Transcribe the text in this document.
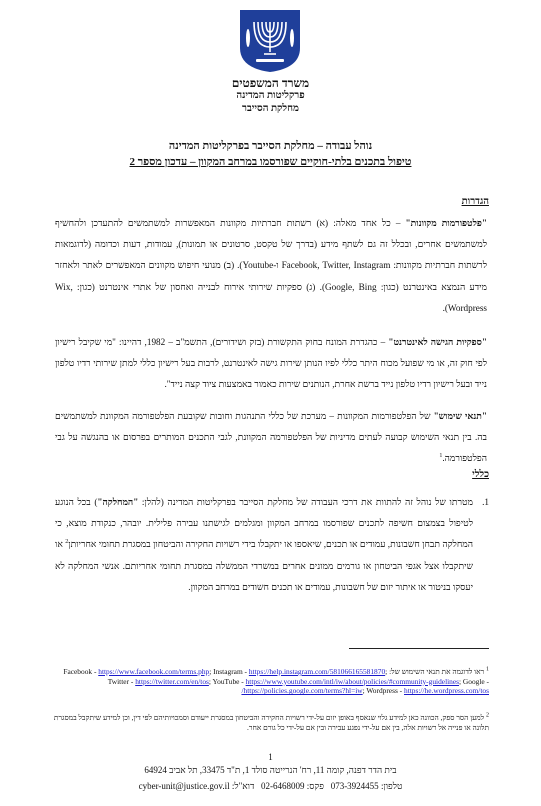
משרד המשפטים
פרקליטות המדינה
מחלקת הסייבר
נוהל עבודה – מחלקת הסייבר בפרקליטות המדינה
טיפול בתכנים בלתי-חוקיים שפורסמו במרחב המקוון – עדכון מספר 2
הגדרות
"פלטפורמות מקוונות" – כל אחד מאלה: (א) רשתות חברתיות מקוונות המאפשרות למשתמשים להתעדכן ולהחשיף למשתמשים אחרים, ובכלל זה גם לשתף מידע (בדרך של טקסט, סרטונים או תמונות), עמודות, דעות וכדומה (לדוגמאות לרשתות חברתיות מקוונות: Facebook, Twitter, Instagram ו-Youtube). (ב) מנועי חיפוש מקוונים המאפשרים לאתר ולאחזר מידע הנמצא באינטרנט (כגון: Google, Bing). (ג) ספקיות שירותי אירוח לבנייה ואחסון של אתרי אינטרנט (כגון: Wix, Wordpress).
"ספקיות הגישה לאינטרנט" – כהגדרת המונח בחוק התקשורת (בזק ושידורים), התשמ"ב – 1982, דהיינו: "מי שקיבל רישיון לפי חוק זה, או מי שפועל מכוח היתר כללי לפיו הנותן שירות גישה לאינטרנט, לרבות בעל רישיון כללי למתן שירותי רדיו טלפון נייד ובעל רישיון רדיו טלפון נייד ברשת אחרת, הנותנים שירות כאמור באמצעות ציוד קצה נייד".
"תנאי שימוש" של הפלטפורמות המקוונות – מערכת של כללי התנהגות וחובות שקובעת הפלטפורמה המקוונת למשתמשים בה. בין תנאי השימוש קבועה לעתים מדיניות של הפלטפורמה המקוונת, לגבי התכנים המותרים בפרסום או בהנגשה על גבי הפלטפורמה.$^1$
כללי
1.
מטרתו של נוהל זה להתוות את דרכי העבודה של מחלקת הסייבר בפרקליטות המדינה (להלן: "המחלקה") בכל הנוגע לטיפול בצמצום חשיפה לתכנים שפורסמו במרחב המקוון ומגלמים לגישתנו עבירה פלילית. יובהר, כנקודת מוצא, כי המחלקה תבחן חשבונות, עמודים או תכנים, שיאספו או יתקבלו בידי רשויות החקירה והביטחון במסגרת תחומי אחריותן$^2$ או שיתקבלו אצל אגפי הביטחון או גורמים ממונים אחרים במשרדי הממשלה במסגרת תחומי אחריותם. אנשי המחלקה לא יעסקו בניטור או איתור יזום של חשבונות, עמודים או תכנים חשודים במרחב המקוון.
$^1$ ראו לדוגמה את תנאי השימוש של: Facebook - https://www.facebook.com/terms.php; Instagram - https://help.instagram.com/581066165581870; Twitter - https://twitter.com/en/tos; YouTube - https://www.youtube.com/intl/iw/about/policies/#community-guidelines; Google - https://policies.google.com/terms?hl=iw; Wordpress - https://he.wordpress.com/tos/
$^2$ למען הסר ספק, הכוונה כאן למידע גלוי שנאסף באופן יזום על-ידי רשויות החקירה והביטחון במסגרת ייעודם וסמכויותיהם לפי דין, וכן למידע שיתקבל במסגרת תלונה או פנייה אל רשויות אלה, בין אם על-ידי נפגע עבירה ובין אם על-ידי כל גורם אחר.
1
בית הדר דפנה, קומה 11, רח' הנרייטה סולד 1, ת"ד 33475, תל אביב 64924
טלפון: 073-3924455   פקס: 02-6468009   דוא"ל: cyber-unit@justice.gov.il
